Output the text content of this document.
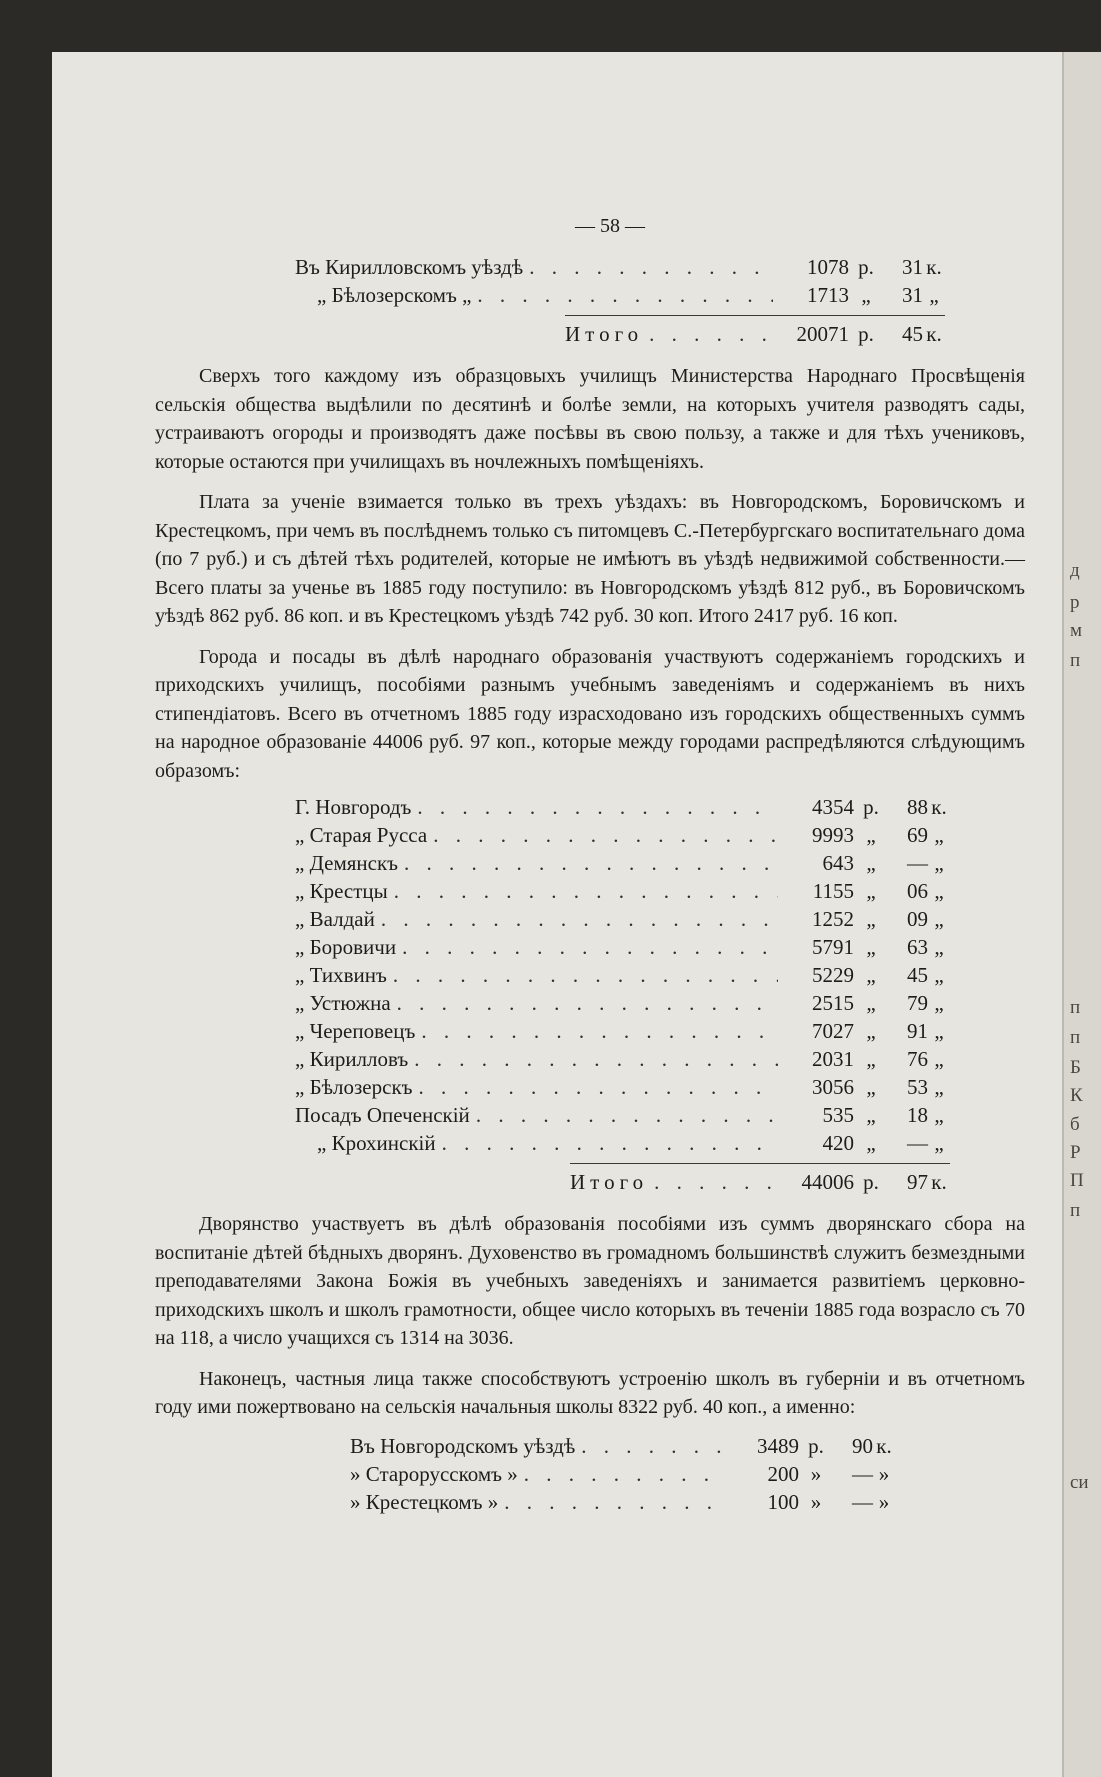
д
р
м
п
п
п
Б
К
б
Р
П
п
си
— 58 —
Въ Кирилловскомъ уѣздѣ . . .	1078 р.	31 к.
„ Бѣлозерскомъ „ . . .	1713 „	31 „
Итого . . .	20071 р.	45 к.

Сверхъ того каждому изъ образцовыхъ училищъ Министерства Народнаго Просвѣщенія сельскія общества выдѣлили по десятинѣ и болѣе земли, на которыхъ учителя разводятъ сады, устраиваютъ огороды и производятъ даже посѣвы въ свою пользу, а также и для тѣхъ учениковъ, которые остаются при училищахъ въ ночлежныхъ помѣщеніяхъ.

Плата за ученіе взимается только въ трехъ уѣздахъ: въ Новгородскомъ, Боровичскомъ и Крестецкомъ, при чемъ въ послѣднемъ только съ питомцевъ С.-Петербургскаго воспитательнаго дома (по 7 руб.) и съ дѣтей тѣхъ родителей, которые не имѣютъ въ уѣздѣ недвижимой собственности.—Всего платы за ученье въ 1885 году поступило: въ Новгородскомъ уѣздѣ 812 руб., въ Боровичскомъ уѣздѣ 862 руб. 86 коп. и въ Крестецкомъ уѣздѣ 742 руб. 30 коп. Итого 2417 руб. 16 коп.

Города и посады въ дѣлѣ народнаго образованія участвуютъ содержаніемъ городскихъ и приходскихъ училищъ, пособіями разнымъ учебнымъ заведеніямъ и содержаніемъ въ нихъ стипендіатовъ. Всего въ отчетномъ 1885 году израсходовано изъ городскихъ общественныхъ суммъ на народное образованіе 44006 руб. 97 коп., которые между городами распредѣляются слѣдующимъ образомъ:

Г. Новгородъ . . .	4354 р.	88 к.
„ Старая Русса . . .	9993 „	69 „
„ Демянскъ . . .	643 „	— „
„ Крестцы . . .	1155 „	06 „
„ Валдай . . .	1252 „	09 „
„ Боровичи . . .	5791 „	63 „
„ Тихвинъ . . .	5229 „	45 „
„ Устюжна . . .	2515 „	79 „
„ Череповецъ . . .	7027 „	91 „
„ Кирилловъ . . .	2031 „	76 „
„ Бѣлозерскъ . . .	3056 „	53 „
Посадъ Опеченскій . . .	535 „	18 „
„ Крохинскій . . .	420 „	— „
Итого . . .	44006 р.	97 к.

Дворянство участвуетъ въ дѣлѣ образованія пособіями изъ суммъ дворянскаго сбора на воспитаніе дѣтей бѣдныхъ дворянъ. Духовенство въ громадномъ большинствѣ служитъ безмездными преподавателями Закона Божія въ учебныхъ заведеніяхъ и занимается развитіемъ церковно-приходскихъ школъ и школъ грамотности, общее число которыхъ въ теченіи 1885 года возрасло съ 70 на 118, а число учащихся съ 1314 на 3036.

Наконецъ, частныя лица также способствуютъ устроенію школъ въ губерніи и въ отчетномъ году ими пожертвовано на сельскія начальныя школы 8322 руб. 40 коп., а именно:

Въ Новгородскомъ уѣздѣ . . .	3489 р.	90 к.
» Старорусскомъ » . . .	200 »	— »
» Крестецкомъ » . . .	100 »	— »
